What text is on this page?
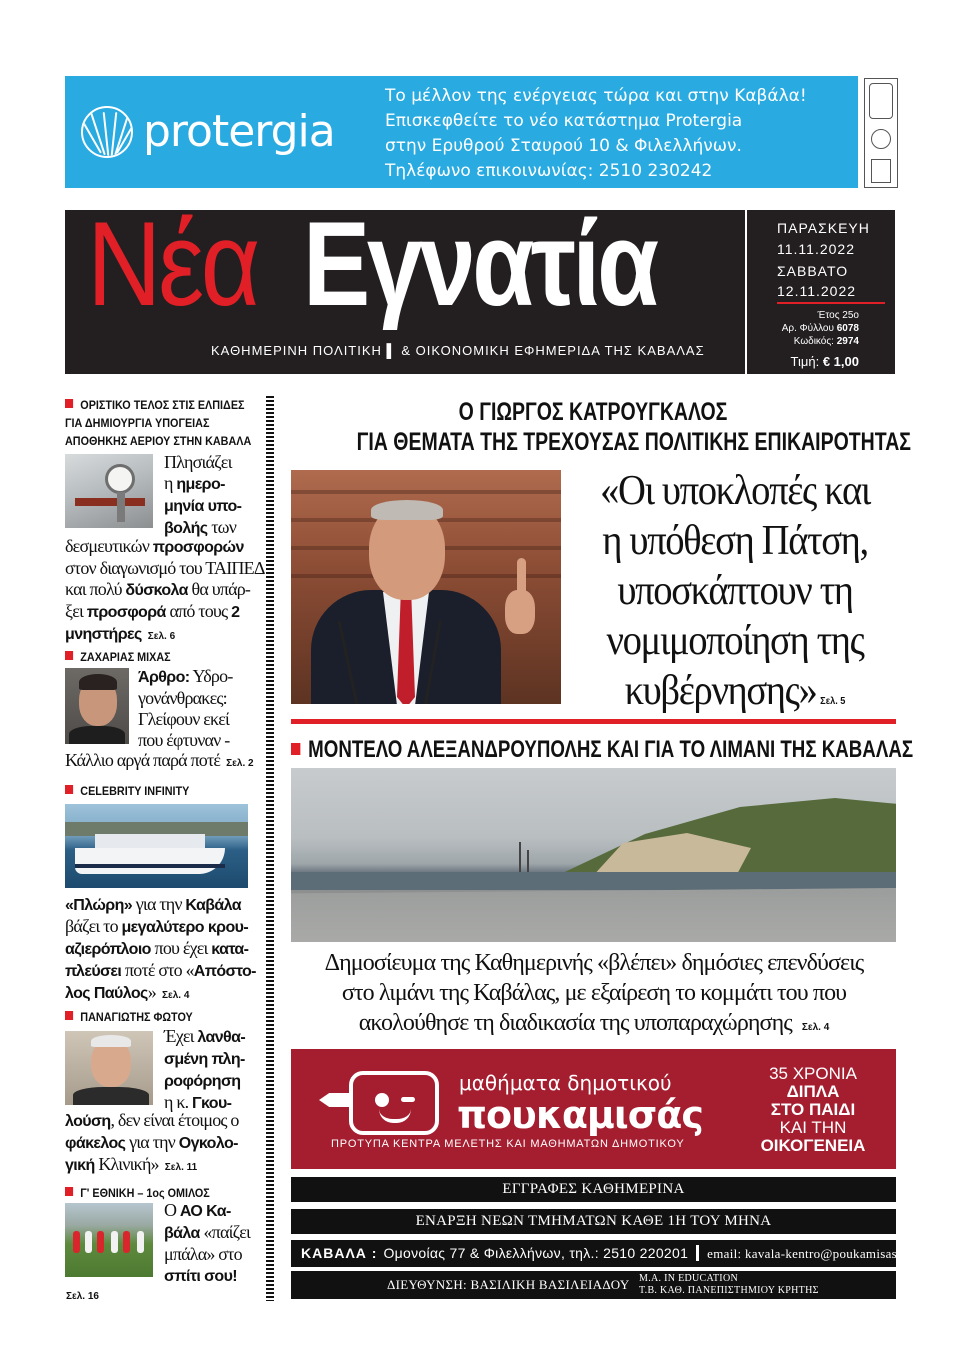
protergia
Το μέλλον της ενέργειας τώρα και στην Καβάλα!
Επισκεφθείτε το νέο κατάστημα Protergia
στην Ερυθρού Σταυρού 10 & Φιλελλήνων.
Τηλέφωνο επικοινωνίας: 2510 230242
Νέα Εγνατία
ΚΑΘΗΜΕΡΙΝΗ ΠΟΛΙΤΙΚΗ ▌ & ΟΙΚΟΝΟΜΙΚΗ ΕΦΗΜΕΡΙΔΑ ΤΗΣ ΚΑΒΑΛΑΣ
ΠΑΡΑΣΚΕΥΗ
11.11.2022
ΣΑΒΒΑΤΟ
12.11.2022
Έτος 25ο
Αρ. Φύλλου 6078
Κωδικός: 2974
Τιμή: € 1,00
ΟΡΙΣΤΙΚΟ ΤΕΛΟΣ ΣΤΙΣ ΕΛΠΙΔΕΣ
ΓΙΑ ΔΗΜΙΟΥΡΓΙΑ ΥΠΟΓΕΙΑΣ
ΑΠΟΘΗΚΗΣ ΑΕΡΙΟΥ ΣΤΗΝ ΚΑΒΑΛΑ
Πλησιάζει
η ημερο-
μηνία υπο-
βολής των
δεσμευτικών προσφορών
στον διαγωνισμό του ΤΑΙΠΕΔ
και πολύ δύσκολα θα υπάρ-
ξει προσφορά από τους 2
μνηστήρες Σελ. 6
ΖΑΧΑΡΙΑΣ ΜΙΧΑΣ
Άρθρο: Υδρο-
γονάνθρακες:
Γλείφουν εκεί
που έφτυναν -
Κάλλιο αργά παρά ποτέ Σελ. 2
CELEBRITY INFINITY
«Πλώρη» για την Καβάλα
βάζει το μεγαλύτερο κρου-
αζιερόπλοιο που έχει κατα-
πλεύσει ποτέ στο «Απόστο-
λος Παύλος» Σελ. 4
ΠΑΝΑΓΙΩΤΗΣ ΦΩΤΟΥ
Έχει λανθα-
σμένη πλη-
ροφόρηση
η κ. Γκου-
λούση, δεν είναι έτοιμος ο
φάκελος για την Ογκολο-
γική Κλινική» Σελ. 11
Γ' ΕΘΝΙΚΗ – 1ος ΟΜΙΛΟΣ
Ο ΑΟ Κα-
βάλα «παίζει
μπάλα» στο
σπίτι σου!
Σελ. 16
Ο ΓΙΩΡΓΟΣ ΚΑΤΡΟΥΓΚΑΛΟΣ
ΓΙΑ ΘΕΜΑΤΑ ΤΗΣ ΤΡΕΧΟΥΣΑΣ ΠΟΛΙΤΙΚΗΣ ΕΠΙΚΑΙΡΟΤΗΤΑΣ
«Οι υποκλοπές και
η υπόθεση Πάτση,
υποσκάπτουν τη
νομιμοποίηση της
κυβέρνησης» Σελ. 5
ΜΟΝΤΕΛΟ ΑΛΕΞΑΝΔΡΟΥΠΟΛΗΣ ΚΑΙ ΓΙΑ ΤΟ ΛΙΜΑΝΙ ΤΗΣ ΚΑΒΑΛΑΣ
Δημοσίευμα της Καθημερινής «βλέπει» δημόσιες επενδύσεις
στο λιμάνι της Καβάλας, με εξαίρεση το κομμάτι του που
ακολούθησε τη διαδικασία της υποπαραχώρησης Σελ. 4
μαθήματα δημοτικού
πουκαμισάς
ΠΡΟΤΥΠΑ ΚΕΝΤΡΑ ΜΕΛΕΤΗΣ ΚΑΙ ΜΑΘΗΜΑΤΩΝ ΔΗΜΟΤΙΚΟΥ
35 ΧΡΟΝΙΑ
ΔΙΠΛΑ
ΣΤΟ ΠΑΙΔΙ
ΚΑΙ ΤΗΝ
ΟΙΚΟΓΕΝΕΙΑ
ΕΓΓΡΑΦΕΣ ΚΑΘΗΜΕΡΙΝΑ
ΕΝΑΡΞΗ ΝΕΩΝ ΤΜΗΜΑΤΩΝ ΚΑΘΕ 1Η ΤΟΥ ΜΗΝΑ
ΚΑΒΑΛΑ : Ομονοίας 77 & Φιλελλήνων, τηλ.: 2510 220201 email: kavala-kentro@poukamisas.gr
ΔΙΕΥΘΥΝΣΗ: ΒΑΣΙΛΙΚΗ ΒΑΣΙΛΕΙΑΔΟΥ Μ.Α. IN EDUCATION
Τ.Β. ΚΑΘ. ΠΑΝΕΠΙΣΤΗΜΙΟΥ ΚΡΗΤΗΣ
